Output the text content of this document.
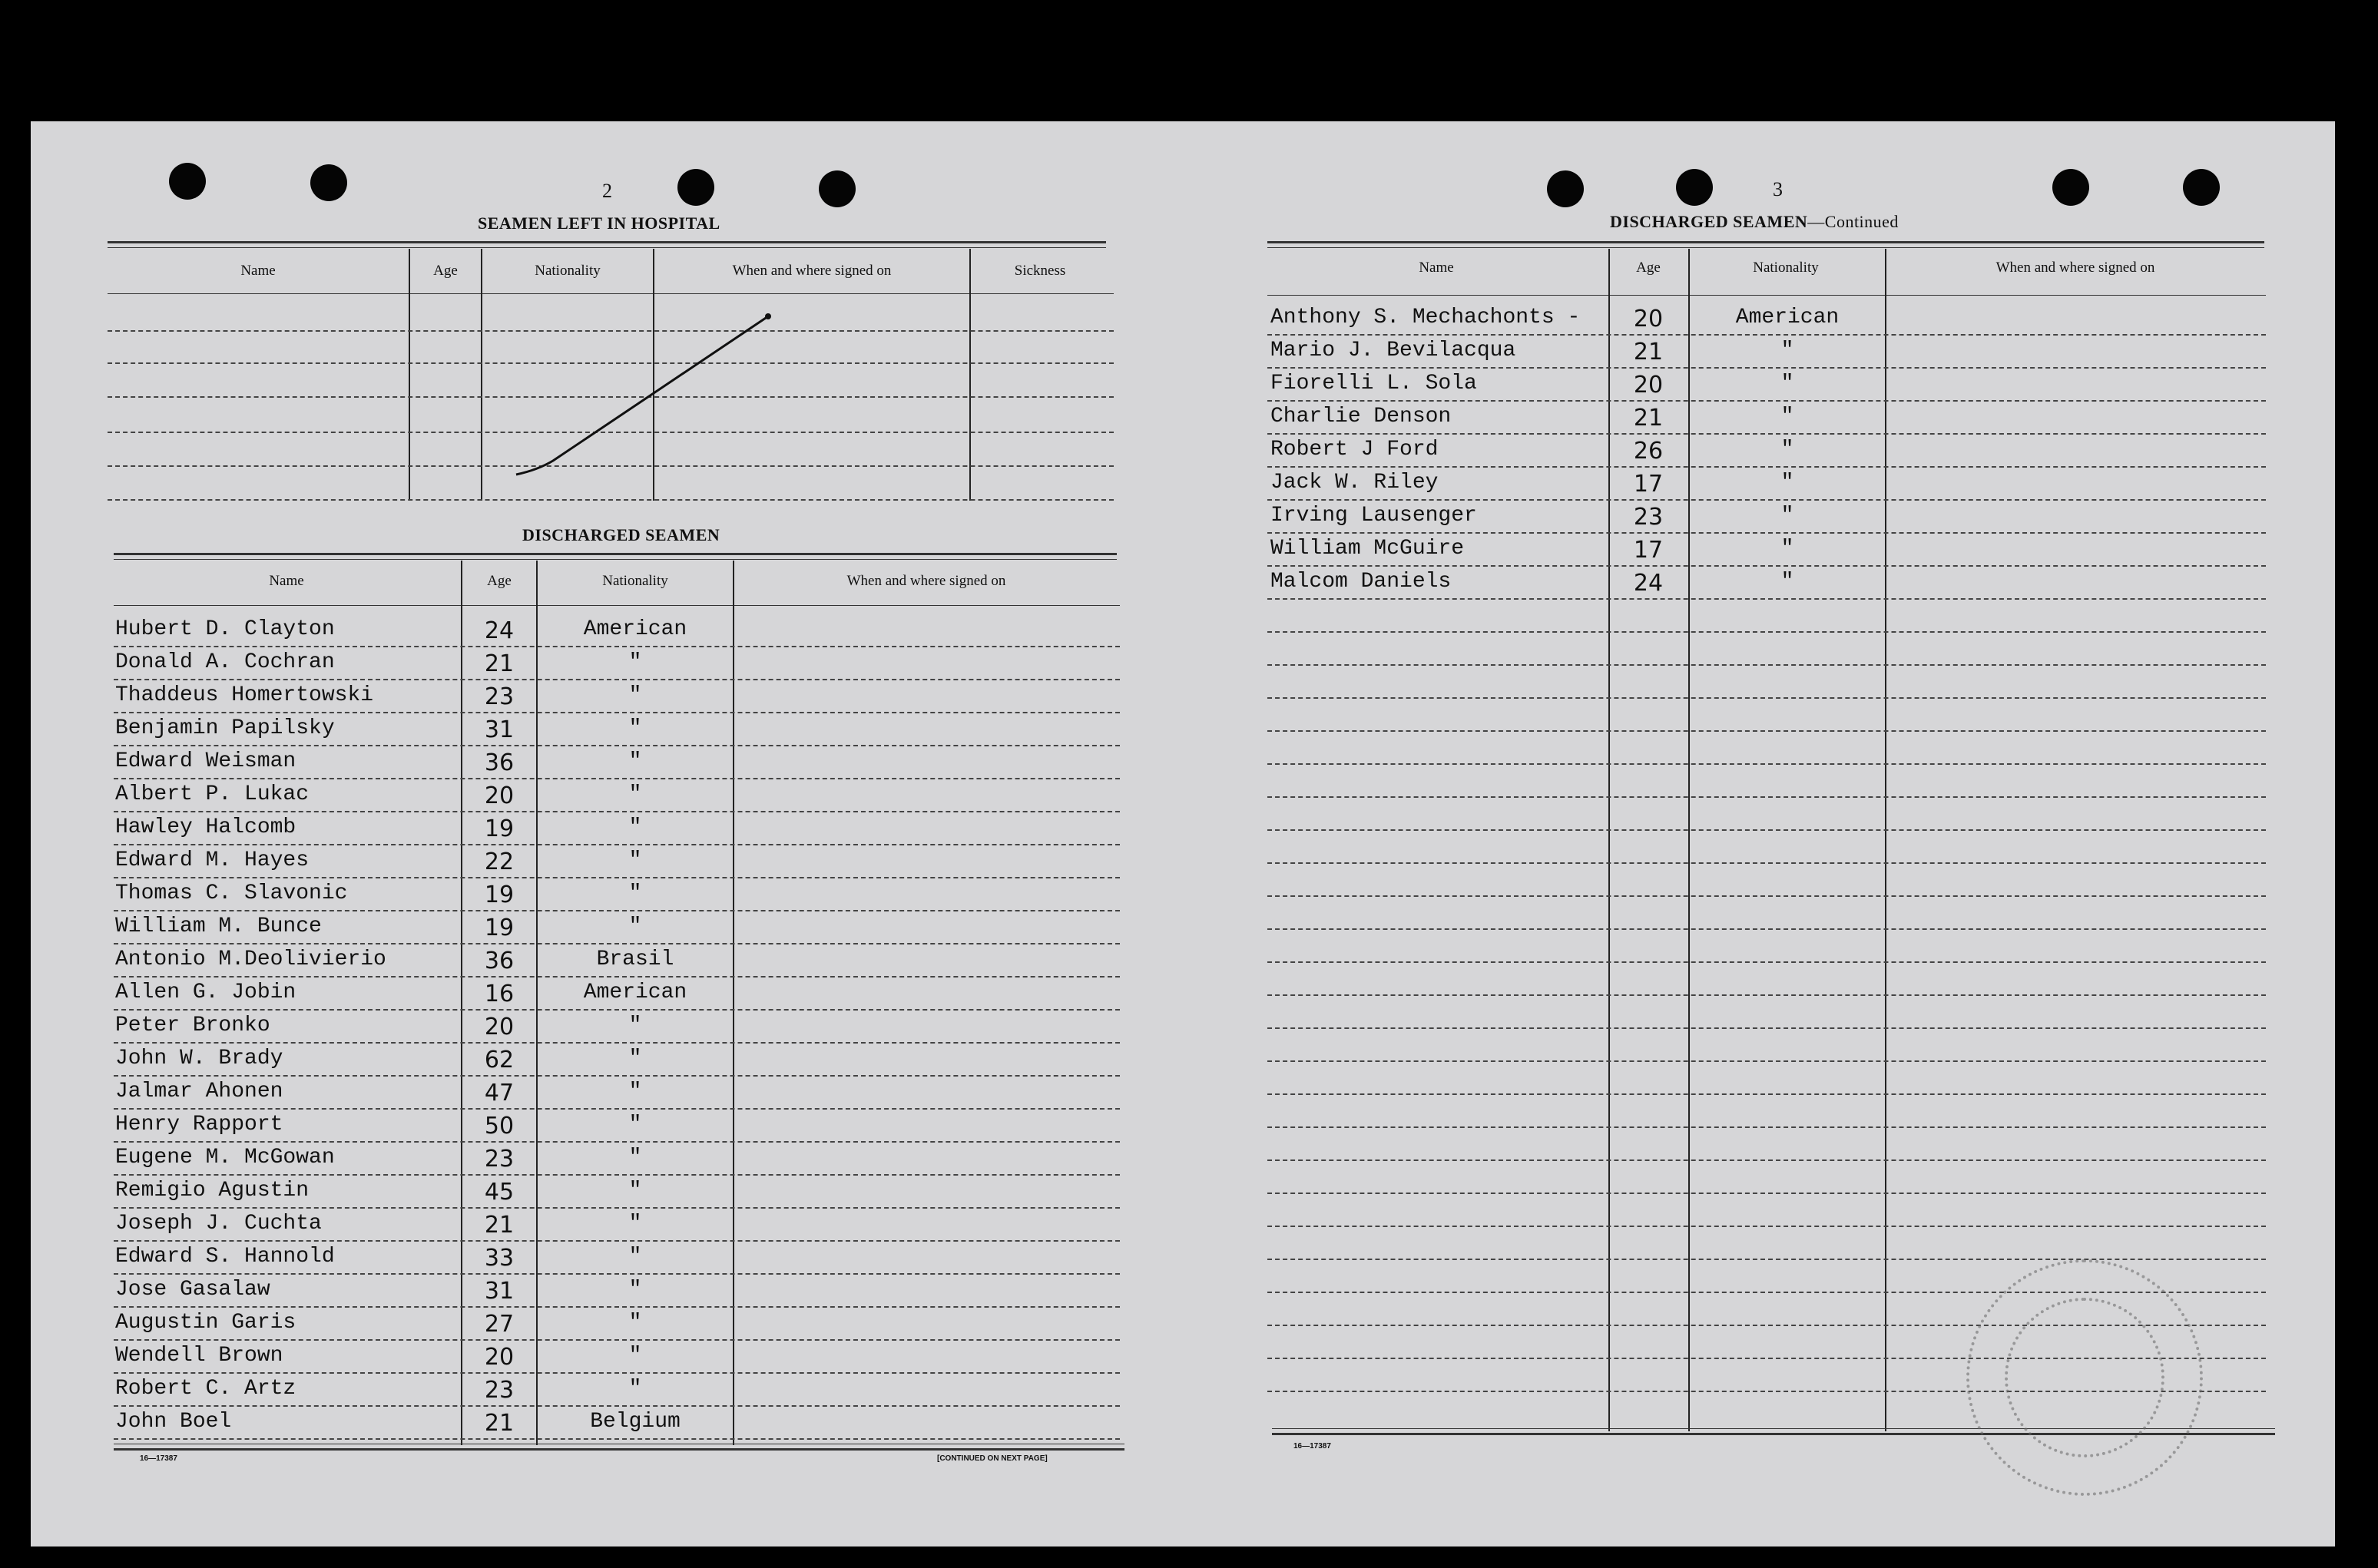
2
SEAMEN LEFT IN HOSPITAL
Name	Age	Nationality	When and where signed on	Sickness
DISCHARGED SEAMEN
Name	Age	Nationality	When and where signed on
Hubert D. Clayton	24	American
Donald A. Cochran	21	"
Thaddeus Homertowski	23	"
Benjamin Papilsky	31	"
Edward Weisman	36	"
Albert P. Lukac	20	"
Hawley Halcomb	19	"
Edward M. Hayes	22	"
Thomas C. Slavonic	19	"
William M. Bunce	19	"
Antonio M.Deolivierio	36	Brasil
Allen G. Jobin	16	American
Peter Bronko	20	"
John W. Brady	62	"
Jalmar Ahonen	47	"
Henry Rapport	50	"
Eugene M. McGowan	23	"
Remigio Agustin	45	"
Joseph J. Cuchta	21	"
Edward S. Hannold	33	"
Jose Gasalaw	31	"
Augustin Garis	27	"
Wendell Brown	20	"
Robert C. Artz	23	"
John Boel	21	Belgium
16—17387	[CONTINUED ON NEXT PAGE]
3
DISCHARGED SEAMEN—Continued
Name	Age	Nationality	When and where signed on
Anthony S. Mechachonts -	20	American
Mario J. Bevilacqua	21	"
Fiorelli L. Sola	20	"
Charlie Denson	21	"
Robert J Ford	26	"
Jack W. Riley	17	"
Irving Lausenger	23	"
William McGuire	17	"
Malcom Daniels	24	"
16—17387
